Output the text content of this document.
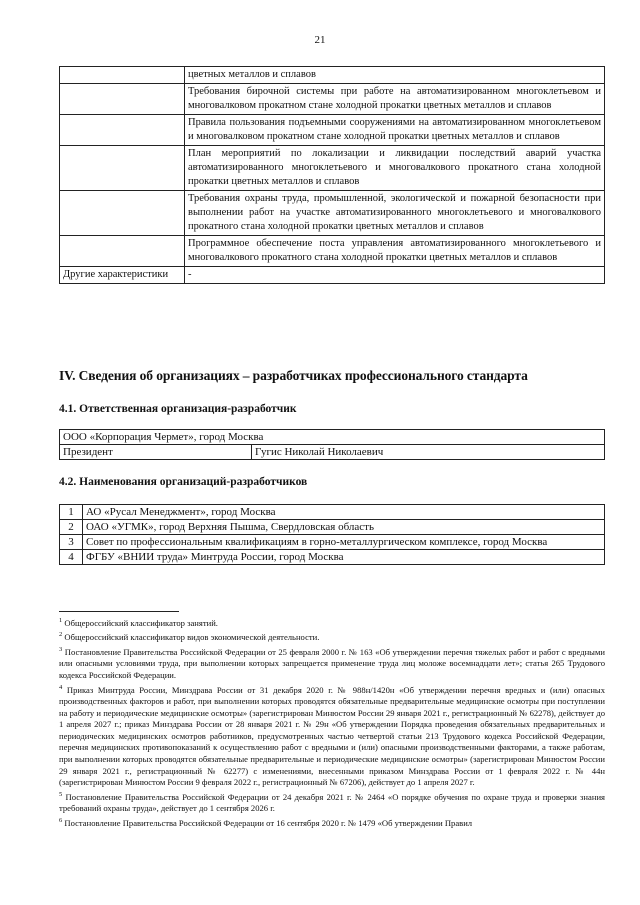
21
	цветных металлов и сплавов
	Требования бирочной системы при работе на автоматизированном многоклетьевом и многовалковом прокатном стане холодной прокатки цветных металлов и сплавов
	Правила пользования подъемными сооружениями на автоматизированном многоклетьевом и многовалковом прокатном стане холодной прокатки цветных металлов и сплавов
	План мероприятий по локализации и ликвидации последствий аварий участка автоматизированного многоклетьевого и многовалкового прокатного стана холодной прокатки цветных металлов и сплавов
	Требования охраны труда, промышленной, экологической и пожарной безопасности при выполнении работ на участке автоматизированного многоклетьевого и многовалкового прокатного стана холодной прокатки цветных металлов и сплавов
	Программное обеспечение поста управления автоматизированного многоклетьевого и многовалкового прокатного стана холодной прокатки цветных металлов и сплавов
Другие характеристики	-
IV. Сведения об организациях – разработчиках профессионального стандарта
4.1. Ответственная организация-разработчик
ООО «Корпорация Чермет», город Москва
Президент	Гугис Николай Николаевич
4.2. Наименования организаций-разработчиков
1	АО «Русал Менеджмент», город Москва
2	ОАО «УГМК», город Верхняя Пышма, Свердловская область
3	Совет по профессиональным квалификациям в горно-металлургическом комплексе, город Москва
4	ФГБУ «ВНИИ труда» Минтруда России, город Москва

$^1$ Общероссийский классификатор занятий.

$^2$ Общероссийский классификатор видов экономической деятельности.

$^3$ Постановление Правительства Российской Федерации от 25 февраля 2000 г. № 163 «Об утверждении перечня тяжелых работ и работ с вредными или опасными условиями труда, при выполнении которых запрещается применение труда лиц моложе восемнадцати лет»; статья 265 Трудового кодекса Российской Федерации.

$^4$ Приказ Минтруда России, Минздрава России от 31 декабря 2020 г. № 988н/1420н «Об утверждении перечня вредных и (или) опасных производственных факторов и работ, при выполнении которых проводятся обязательные предварительные медицинские осмотры при поступлении на работу и периодические медицинские осмотры» (зарегистрирован Минюстом России 29 января 2021 г., регистрационный № 62278), действует до 1 апреля 2027 г.; приказ Минздрава России от 28 января 2021 г. № 29н «Об утверждении Порядка проведения обязательных предварительных и периодических медицинских осмотров работников, предусмотренных частью четвертой статьи 213 Трудового кодекса Российской Федерации, перечня медицинских противопоказаний к осуществлению работ с вредными и (или) опасными производственными факторами, а также работам, при выполнении которых проводятся обязательные предварительные и периодические медицинские осмотры» (зарегистрирован Минюстом России 29 января 2021 г., регистрационный № 62277) с изменениями, внесенными приказом Минздрава России от 1 февраля 2022 г. № 44н (зарегистрирован Минюстом России 9 февраля 2022 г., регистрационный № 67206), действует до 1 апреля 2027 г.

$^5$ Постановление Правительства Российской Федерации от 24 декабря 2021 г. № 2464 «О порядке обучения по охране труда и проверки знания требований охраны труда», действует до 1 сентября 2026 г.

$^6$ Постановление Правительства Российской Федерации от 16 сентября 2020 г. № 1479 «Об утверждении Правил
